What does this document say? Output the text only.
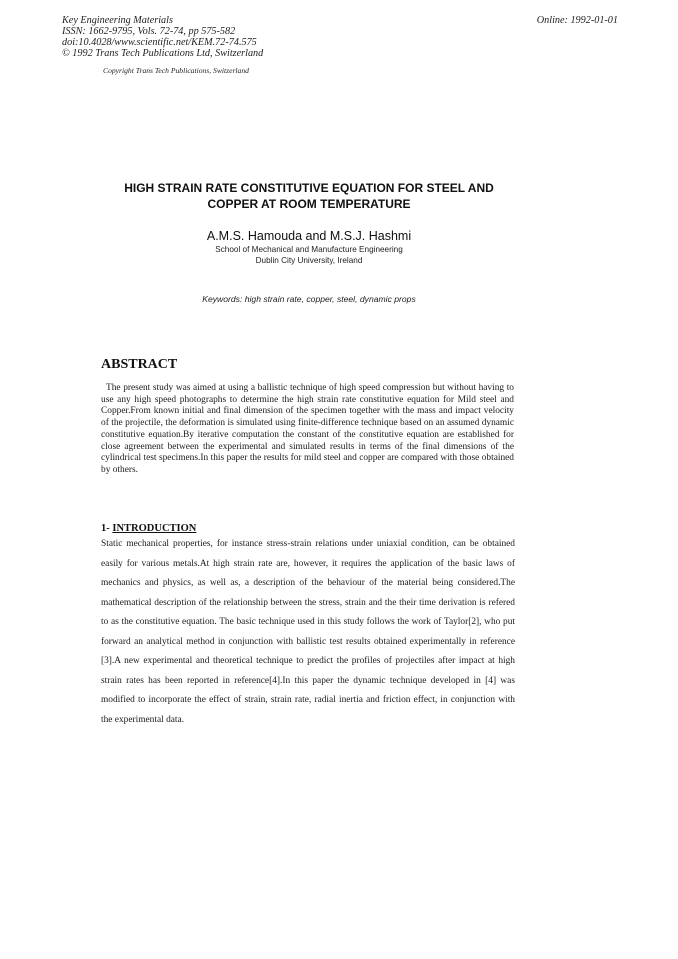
Key Engineering Materials
ISSN: 1662-9795, Vols. 72-74, pp 575-582
doi:10.4028/www.scientific.net/KEM.72-74.575
© 1992 Trans Tech Publications Ltd, Switzerland
Online: 1992-01-01
Copyright Trans Tech Publications, Switzerland
HIGH STRAIN RATE CONSTITUTIVE EQUATION FOR STEEL AND
COPPER AT ROOM TEMPERATURE
A.M.S. Hamouda and M.S.J. Hashmi
School of Mechanical and Manufacture Engineering
Dublin City University, Ireland
Keywords: high strain rate, copper, steel, dynamic props
ABSTRACT
The present study was aimed at using a ballistic technique of high speed compression but without having to use any high speed photographs to determine the high strain rate constitutive equation for Mild steel and Copper.From known initial and final dimension of the specimen together with the mass and impact velocity of the projectile, the deformation is simulated using finite-difference technique based on an assumed dynamic constitutive equation.By iterative computation the constant of the constitutive equation are established for close agreement between the experimental and simulated results in terms of the final dimensions of the cylindrical test specimens.In this paper the results for mild steel and copper are compared with those obtained by others.
1- INTRODUCTION
Static mechanical properties, for instance stress-strain relations under uniaxial condition, can be obtained easily for various metals.At high strain rate are, however, it requires the application of the basic laws of mechanics and physics, as well as, a description of the behaviour of the material being considered.The mathematical description of the relationship between the stress, strain and the their time derivation is refered to as the constitutive equation. The basic technique used in this study follows the work of Taylor[2], who put forward an analytical method in conjunction with ballistic test results obtained experimentally in reference [3].A new experimental and theoretical technique to predict the profiles of projectiles after impact at high strain rates has been reported in reference[4].In this paper the dynamic technique developed in [4] was modified to incorporate the effect of strain, strain rate, radial inertia and friction effect, in conjunction with the experimental data.
